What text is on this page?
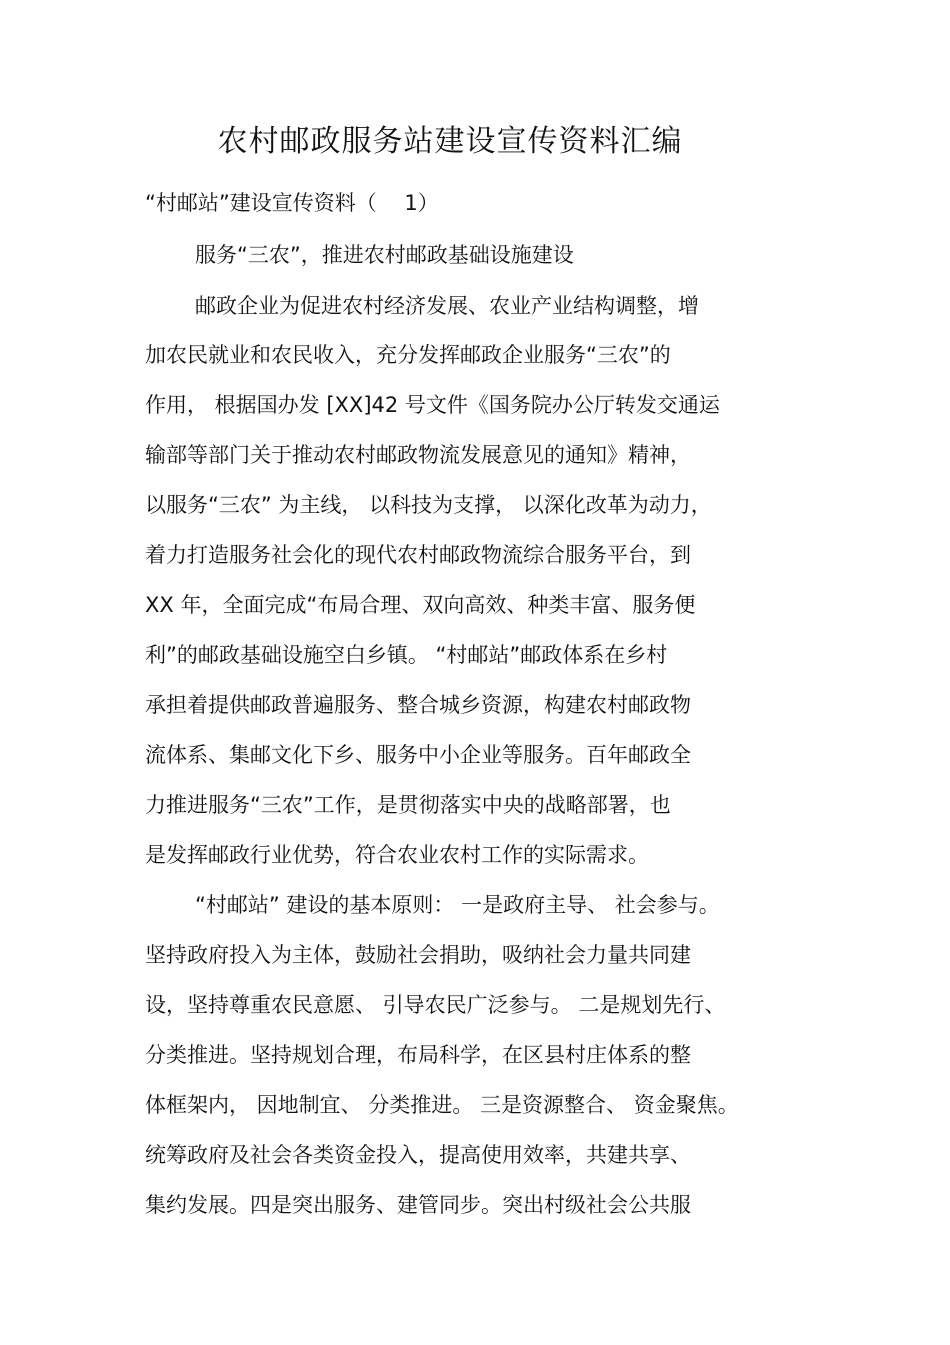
农村邮政服务站建设宣传资料汇编
“村邮站”建设宣传资料（　 1）
服务“三农”，推进农村邮政基础设施建设
邮政企业为促进农村经济发展、农业产业结构调整，增
加农民就业和农民收入，充分发挥邮政企业服务“三农”的
作用， 根据国办发 [XX]42 号文件《国务院办公厅转发交通运
输部等部门关于推动农村邮政物流发展意见的通知》精神，
以服务“三农” 为主线， 以科技为支撑， 以深化改革为动力，
着力打造服务社会化的现代农村邮政物流综合服务平台，到
XX 年，全面完成“布局合理、双向高效、种类丰富、服务便
利”的邮政基础设施空白乡镇。 “村邮站”邮政体系在乡村
承担着提供邮政普遍服务、整合城乡资源，构建农村邮政物
流体系、集邮文化下乡、服务中小企业等服务。百年邮政全
力推进服务“三农”工作，是贯彻落实中央的战略部署，也
是发挥邮政行业优势，符合农业农村工作的实际需求。
“村邮站” 建设的基本原则： 一是政府主导、 社会参与。
坚持政府投入为主体，鼓励社会捐助，吸纳社会力量共同建
设，坚持尊重农民意愿、 引导农民广泛参与。 二是规划先行、
分类推进。坚持规划合理，布局科学，在区县村庄体系的整
体框架内， 因地制宜、 分类推进。 三是资源整合、 资金聚焦。
统筹政府及社会各类资金投入，提高使用效率，共建共享、
集约发展。四是突出服务、建管同步。突出村级社会公共服
